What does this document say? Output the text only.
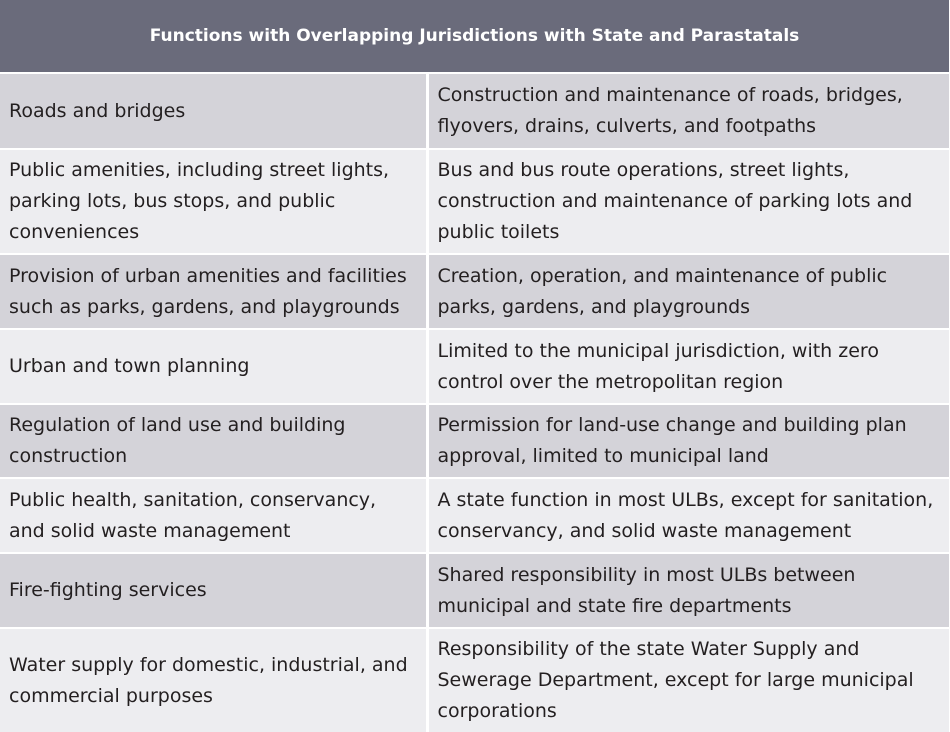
Functions with Overlapping Jurisdictions with State and Parastatals	
Roads and bridges	Construction and maintenance of roads, bridges, flyovers, drains, culverts, and footpaths
Public amenities, including street lights, parking lots, bus stops, and public conveniences	Bus and bus route operations, street lights, construction and maintenance of parking lots and public toilets
Provision of urban amenities and facilities such as parks, gardens, and playgrounds	Creation, operation, and maintenance of public parks, gardens, and playgrounds
Urban and town planning	Limited to the municipal jurisdiction, with zero control over the metropolitan region
Regulation of land use and building construction	Permission for land-use change and building plan approval, limited to municipal land
Public health, sanitation, conservancy, and solid waste management	A state function in most ULBs, except for sanitation, conservancy, and solid waste management
Fire-fighting services	Shared responsibility in most ULBs between municipal and state fire departments
Water supply for domestic, industrial, and commercial purposes	Responsibility of the state Water Supply and Sewerage Department, except for large municipal corporations
